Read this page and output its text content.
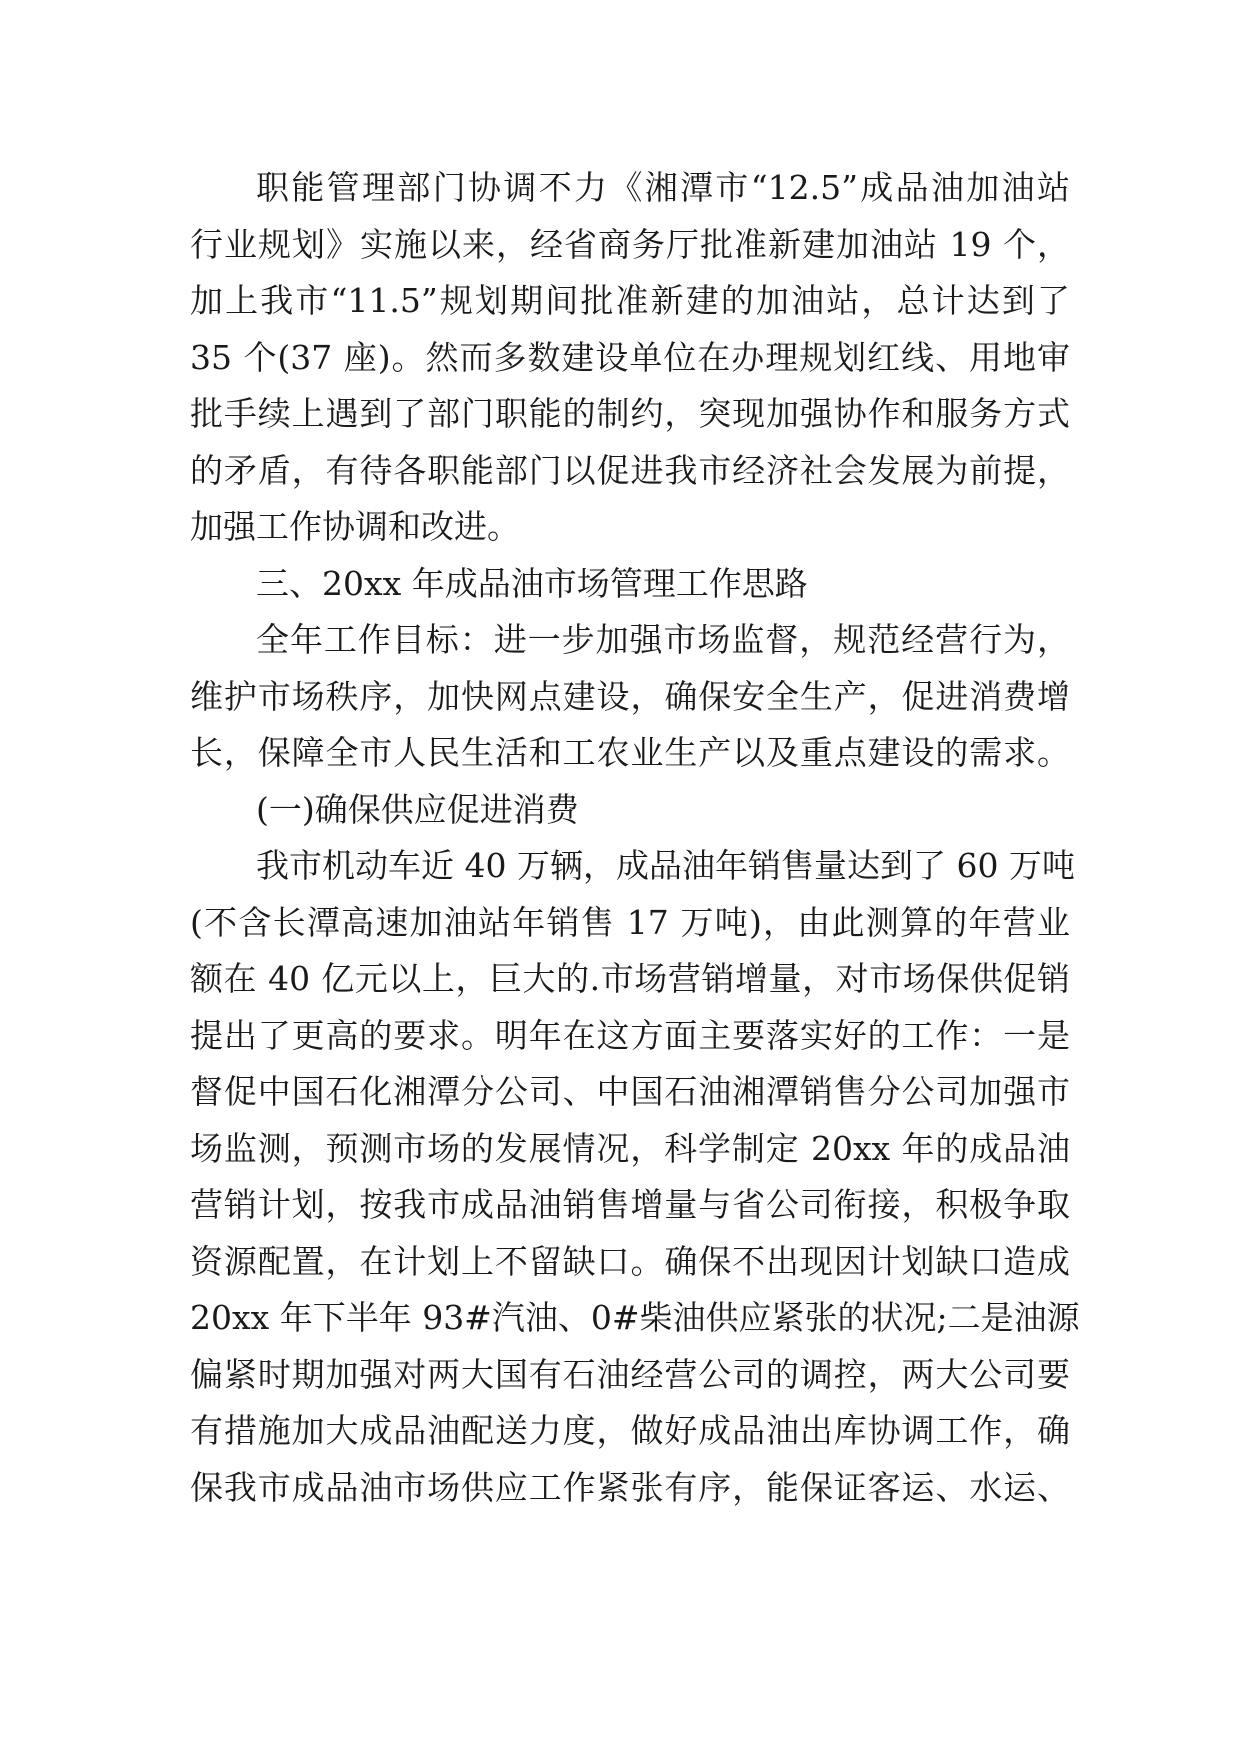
职能管理部门协调不力《湘潭市“12.5”成品油加油站
行业规划》实施以来，经省商务厅批准新建加油站 19 个，
加上我市“11.5”规划期间批准新建的加油站，总计达到了
35 个(37 座)。然而多数建设单位在办理规划红线、用地审
批手续上遇到了部门职能的制约，突现加强协作和服务方式
的矛盾，有待各职能部门以促进我市经济社会发展为前提，
加强工作协调和改进。
三、20xx 年成品油市场管理工作思路
全年工作目标：进一步加强市场监督，规范经营行为，
维护市场秩序，加快网点建设，确保安全生产，促进消费增
长，保障全市人民生活和工农业生产以及重点建设的需求。
(一)确保供应促进消费
我市机动车近 40 万辆，成品油年销售量达到了 60 万吨
(不含长潭高速加油站年销售 17 万吨)，由此测算的年营业
额在 40 亿元以上，巨大的.市场营销增量，对市场保供促销
提出了更高的要求。明年在这方面主要落实好的工作：一是
督促中国石化湘潭分公司、中国石油湘潭销售分公司加强市
场监测，预测市场的发展情况，科学制定 20xx 年的成品油
营销计划，按我市成品油销售增量与省公司衔接，积极争取
资源配置，在计划上不留缺口。确保不出现因计划缺口造成
20xx 年下半年 93#汽油、0#柴油供应紧张的状况;二是油源
偏紧时期加强对两大国有石油经营公司的调控，两大公司要
有措施加大成品油配送力度，做好成品油出库协调工作，确
保我市成品油市场供应工作紧张有序，能保证客运、水运、
